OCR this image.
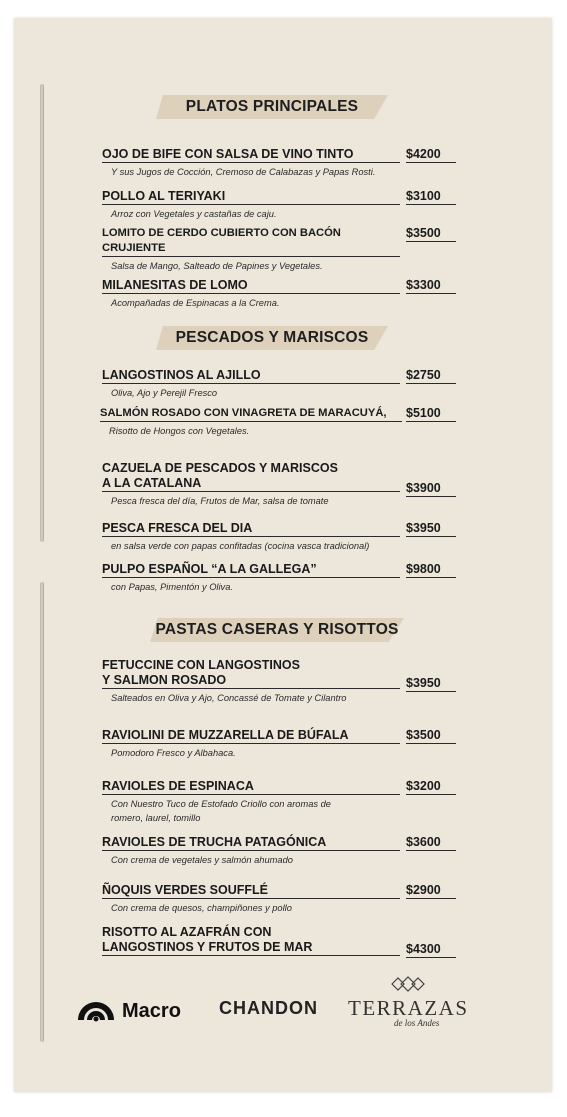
PLATOS PRINCIPALES
PESCADOS Y MARISCOS
PASTAS CASERAS Y RISOTTOS
$4200
OJO DE BIFE CON SALSA DE VINO TINTO
Y sus Jugos de Cocción, Cremoso de Calabazas y Papas Rosti.
$3100
POLLO AL TERIYAKI
Arroz con Vegetales y castañas de caju.
$3500
LOMITO DE CERDO CUBIERTO CON BACÓN CRUJIENTE
Salsa de Mango, Salteado de Papines y Vegetales.
$3300
MILANESITAS DE LOMO
Acompañadas de Espinacas a la Crema.
$2750
LANGOSTINOS AL AJILLO
Oliva, Ajo y Perejil Fresco
$5100
SALMÓN ROSADO CON VINAGRETA DE MARACUYÁ,
Risotto de Hongos con Vegetales.
$3900
CAZUELA DE PESCADOS Y MARISCOS
A LA CATALANA
Pesca fresca del día, Frutos de Mar, salsa de tomate
$3950
PESCA FRESCA DEL DIA
en salsa verde con papas confitadas (cocina vasca tradicional)
$9800
PULPO ESPAÑOL “A LA GALLEGA”
con Papas, Pimentón y Oliva.
$3950
FETUCCINE CON LANGOSTINOS
Y SALMON ROSADO
Salteados en Oliva y Ajo, Concassé de Tomate y Cilantro
$3500
RAVIOLINI DE MUZZARELLA DE BÚFALA
Pomodoro Fresco y Albahaca.
$3200
RAVIOLES DE ESPINACA
Con Nuestro Tuco de Estofado Criollo con aromas de
romero, laurel, tomillo
$3600
RAVIOLES DE TRUCHA PATAGÓNICA
Con crema de vegetales y salmón ahumado
$2900
ÑOQUIS VERDES SOUFFLÉ
Con crema de quesos, champiñones y pollo
$4300
RISOTTO AL AZAFRÁN CON
LANGOSTINOS Y FRUTOS DE MAR
Macro CHANDON TERRAZAS
de los Andes
